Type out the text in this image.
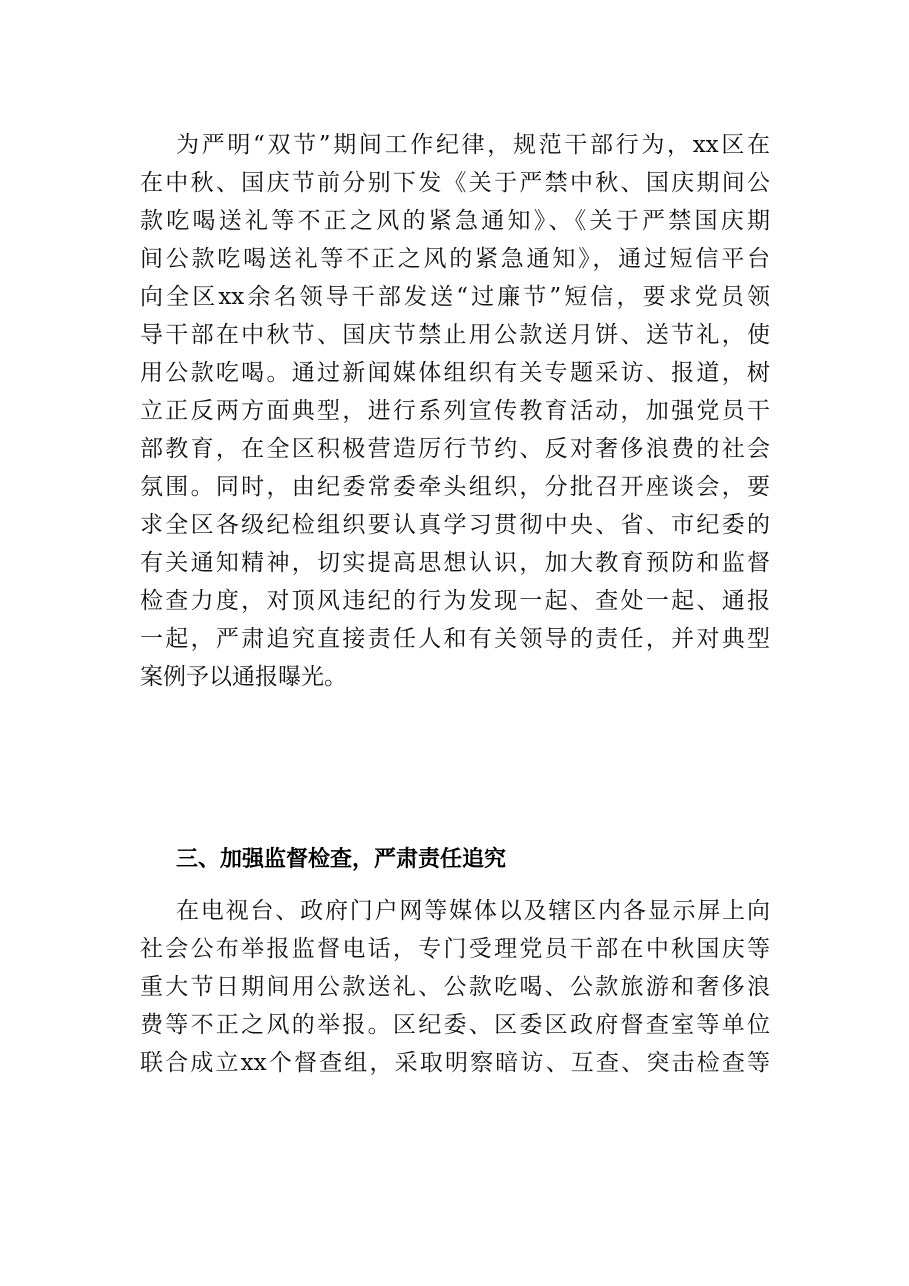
为严明“双节”期间工作纪律，规范干部行为，xx区在
在中秋、国庆节前分别下发《关于严禁中秋、国庆期间公
款吃喝送礼等不正之风的紧急通知》、《关于严禁国庆期
间公款吃喝送礼等不正之风的紧急通知》，通过短信平台
向全区xx余名领导干部发送“过廉节”短信，要求党员领
导干部在中秋节、国庆节禁止用公款送月饼、送节礼，使
用公款吃喝。通过新闻媒体组织有关专题采访、报道，树
立正反两方面典型，进行系列宣传教育活动，加强党员干
部教育，在全区积极营造厉行节约、反对奢侈浪费的社会
氛围。同时，由纪委常委牵头组织，分批召开座谈会，要
求全区各级纪检组织要认真学习贯彻中央、省、市纪委的
有关通知精神，切实提高思想认识，加大教育预防和监督
检查力度，对顶风违纪的行为发现一起、查处一起、通报
一起，严肃追究直接责任人和有关领导的责任，并对典型
案例予以通报曝光。
三、加强监督检查，严肃责任追究
在电视台、政府门户网等媒体以及辖区内各显示屏上向
社会公布举报监督电话，专门受理党员干部在中秋国庆等
重大节日期间用公款送礼、公款吃喝、公款旅游和奢侈浪
费等不正之风的举报。区纪委、区委区政府督查室等单位
联合成立xx个督查组，采取明察暗访、互查、突击检查等
